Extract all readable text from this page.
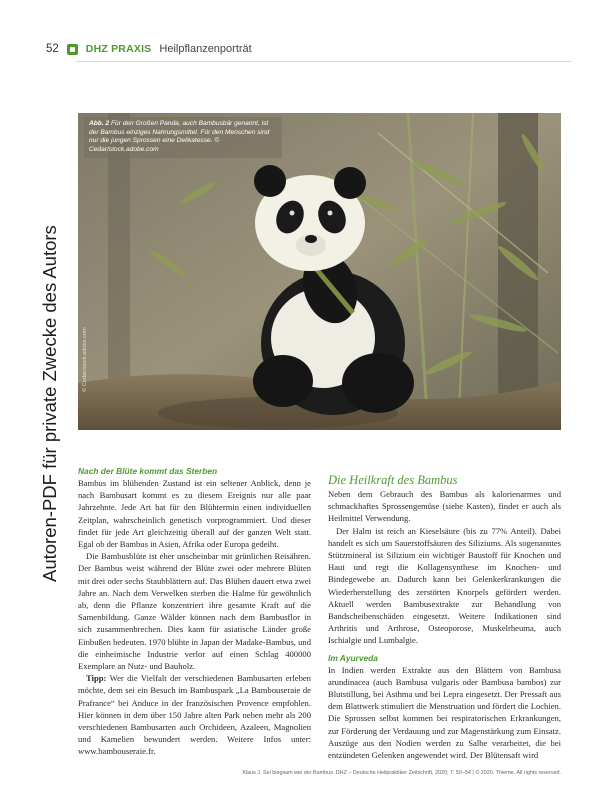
52	DHZ PRAXIS Heilpflanzenporträt
Autoren-PDF für private Zwecke des Autors
Abb. 2 Für den Großen Panda, auch Bambusbär genannt, ist der Bambus einziges Nahrungsmittel. Für den Menschen sind nur die jungen Sprossen eine Delikatesse. © Cedar/stock.adobe.com
© Cedar/stock.adobe.com

Nach der Blüte kommt das Sterben

Bambus im blühenden Zustand ist ein seltener Anblick, denn je nach Bambusart kommt es zu diesem Ereignis nur alle paar Jahrzehnte. Jede Art hat für den Blühtermin einen individuellen Zeitplan, wahrscheinlich genetisch vorprogrammiert. Und dieser findet für jede Art gleichzeitig überall auf der ganzen Welt statt. Egal ob der Bambus in Asien, Afrika oder Europa gedeiht.

Die Bambusblüte ist eher unscheinbar mit grünlichen Reisähren. Der Bambus weist während der Blüte zwei oder mehrere Blüten mit drei oder sechs Staubblättern auf. Das Blühen dauert etwa zwei Jahre an. Nach dem Verwelken sterben die Halme für gewöhnlich ab, denn die Pflanze konzentriert ihre gesamte Kraft auf die Samenbildung. Ganze Wälder können nach dem Bambusflor in sich zusammenbrechen. Dies kann für asiatische Länder große Einbußen bedeuten. 1970 blühte in Japan der Madake-Bambus, und die einheimische Industrie verlor auf einen Schlag 400000 Exemplare an Nutz- und Bauholz.

Tipp: Wer die Vielfalt der verschiedenen Bambusarten erleben möchte, dem sei ein Besuch im Bambuspark „La Bambouseraie de Prafrance“ bei Anduce in der französischen Provence empfohlen. Hier können in dem über 150 Jahre alten Park neben mehr als 200 verschiedenen Bambusarten auch Orchideen, Azaleen, Magnolien und Kamelien bewundert werden. Weitere Infos unter: www.bambouseraie.fr.

Die Heilkraft des Bambus

Neben dem Gebrauch des Bambus als kalorienarmes und schmackhaftes Sprossengemüse (siehe Kasten), findet er auch als Heilmittel Verwendung.

Der Halm ist reich an Kieselsäure (bis zu 77% Anteil). Dabei handelt es sich um Sauerstoffsäuren des Siliziums. Als sogenanntes Stützmineral ist Silizium ein wichtiger Baustoff für Knochen und Haut und regt die Kollagensynthese im Knochen- und Bindegewebe an. Dadurch kann bei Gelenkerkrankungen die Wiederherstellung des zerstörten Knorpels gefördert werden. Aktuell werden Bambusextrakte zur Behandlung von Bandscheibenschäden eingesetzt. Weitere Indikationen sind Arthritis und Arthrose, Osteoporose, Muskelrheuma, auch Ischialgie und Lumbalgie.

Im Ayurveda

In Indien werden Extrakte aus den Blättern von Bambusa arundinacea (auch Bambusa vulgaris oder Bambusa bambos) zur Blutstillung, bei Asthma und bei Lepra eingesetzt. Der Pressaft aus dem Blattwerk stimuliert die Menstruation und fördert die Lochien. Die Sprossen selbst kommen bei respiratorischen Erkrankungen, zur Förderung der Verdauung und zur Magenstärkung zum Einsatz. Auszüge aus den Nodien werden zu Salbe verarbeitet, die bei entzündeten Gelenken angewendet wird. Der Blütensaft wird

Klaus J. Sei biegsam wie der Bambus. DHZ – Deutsche Heilpraktiker Zeitschrift, 2020; 7: 50–54 | © 2020. Thieme. All rights reserved.
